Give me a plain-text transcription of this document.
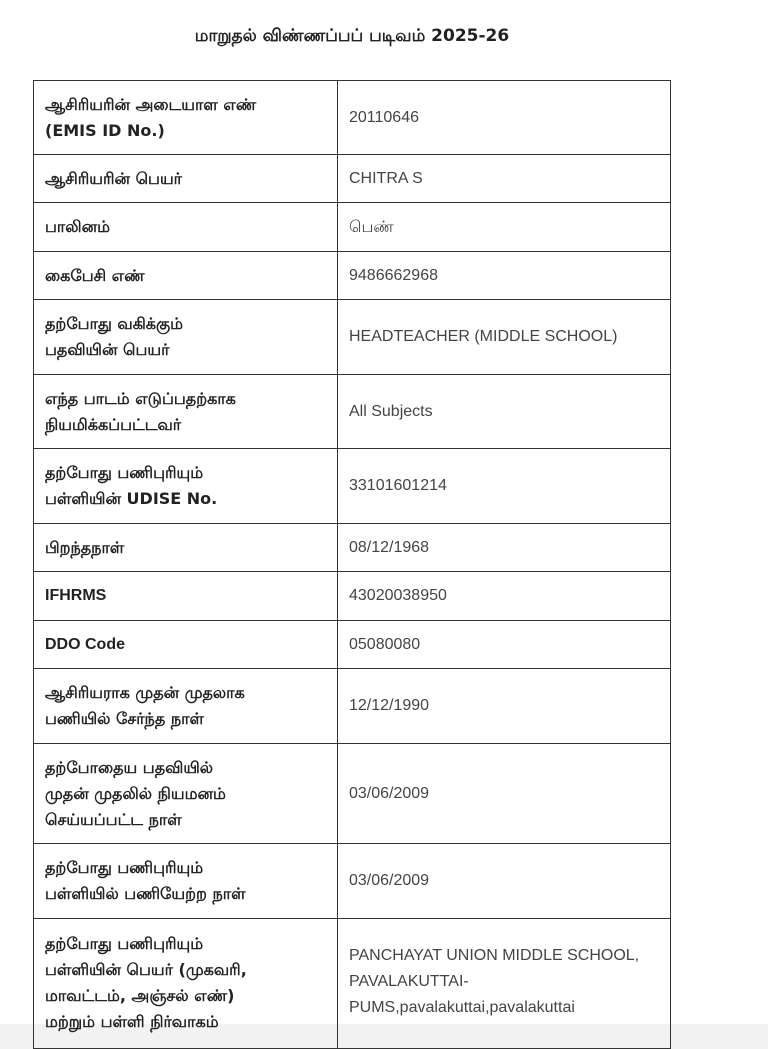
மாறுதல் விண்ணப்பப் படிவம் 2025-26
ஆசிரியரின் அடையாள எண்
(EMIS ID No.)	20110646
ஆசிரியரின் பெயர்	CHITRA S
பாலினம்	பெண்
கைபேசி எண்	9486662968
தற்போது வகிக்கும்
பதவியின் பெயர்	HEADTEACHER (MIDDLE SCHOOL)
எந்த பாடம் எடுப்பதற்காக
நியமிக்கப்பட்டவர்	All Subjects
தற்போது பணிபுரியும்
பள்ளியின் UDISE No.	33101601214
பிறந்தநாள்	08/12/1968
IFHRMS	43020038950
DDO Code	05080080
ஆசிரியராக முதன் முதலாக
பணியில் சேர்ந்த நாள்	12/12/1990
தற்போதைய பதவியில்
முதன் முதலில் நியமனம்
செய்யப்பட்ட நாள்	03/06/2009
தற்போது பணிபுரியும்
பள்ளியில் பணியேற்ற நாள்	03/06/2009
தற்போது பணிபுரியும்
பள்ளியின் பெயர் (முகவரி,
மாவட்டம், அஞ்சல் எண்)
மற்றும் பள்ளி நிர்வாகம்	PANCHAYAT UNION MIDDLE SCHOOL,
PAVALAKUTTAI-
PUMS,pavalakuttai,pavalakuttai
